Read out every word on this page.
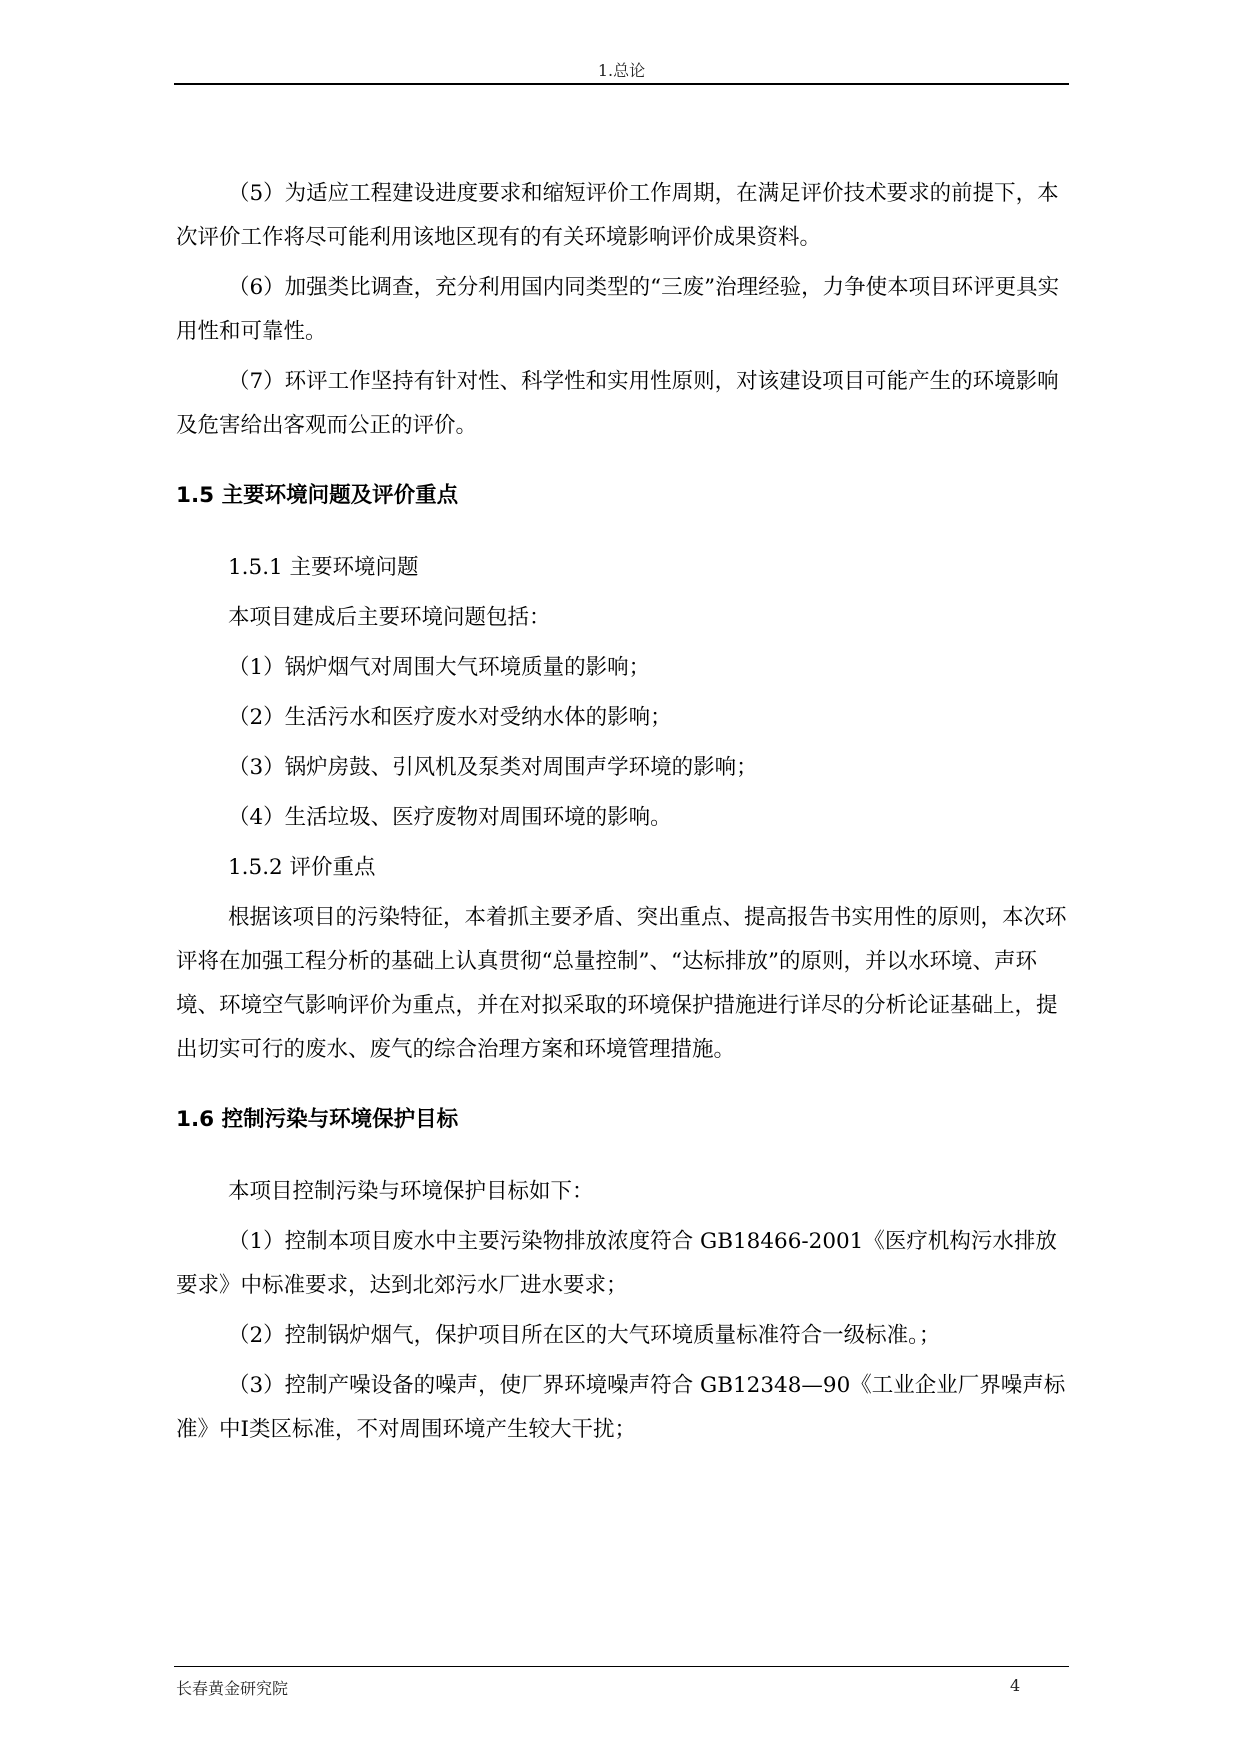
1.总论

（5）为适应工程建设进度要求和缩短评价工作周期，在满足评价技术要求的前提下，本次评价工作将尽可能利用该地区现有的有关环境影响评价成果资料。

（6）加强类比调查，充分利用国内同类型的“三废”治理经验，力争使本项目环评更具实用性和可靠性。

（7）环评工作坚持有针对性、科学性和实用性原则，对该建设项目可能产生的环境影响及危害给出客观而公正的评价。

1.5 主要环境问题及评价重点

1.5.1 主要环境问题

本项目建成后主要环境问题包括：

（1）锅炉烟气对周围大气环境质量的影响；

（2）生活污水和医疗废水对受纳水体的影响；

（3）锅炉房鼓、引风机及泵类对周围声学环境的影响；

（4）生活垃圾、医疗废物对周围环境的影响。

1.5.2 评价重点

根据该项目的污染特征，本着抓主要矛盾、突出重点、提高报告书实用性的原则，本次环评将在加强工程分析的基础上认真贯彻“总量控制”、“达标排放”的原则，并以水环境、声环境、环境空气影响评价为重点，并在对拟采取的环境保护措施进行详尽的分析论证基础上，提出切实可行的废水、废气的综合治理方案和环境管理措施。

1.6 控制污染与环境保护目标

本项目控制污染与环境保护目标如下：

（1）控制本项目废水中主要污染物排放浓度符合 GB18466-2001《医疗机构污水排放要求》中标准要求，达到北郊污水厂进水要求；

（2）控制锅炉烟气，保护项目所在区的大气环境质量标准符合一级标准。；

（3）控制产噪设备的噪声，使厂界环境噪声符合 GB12348—90《工业企业厂界噪声标准》中Ⅰ类区标准，不对周围环境产生较大干扰；

长春黄金研究院	4
